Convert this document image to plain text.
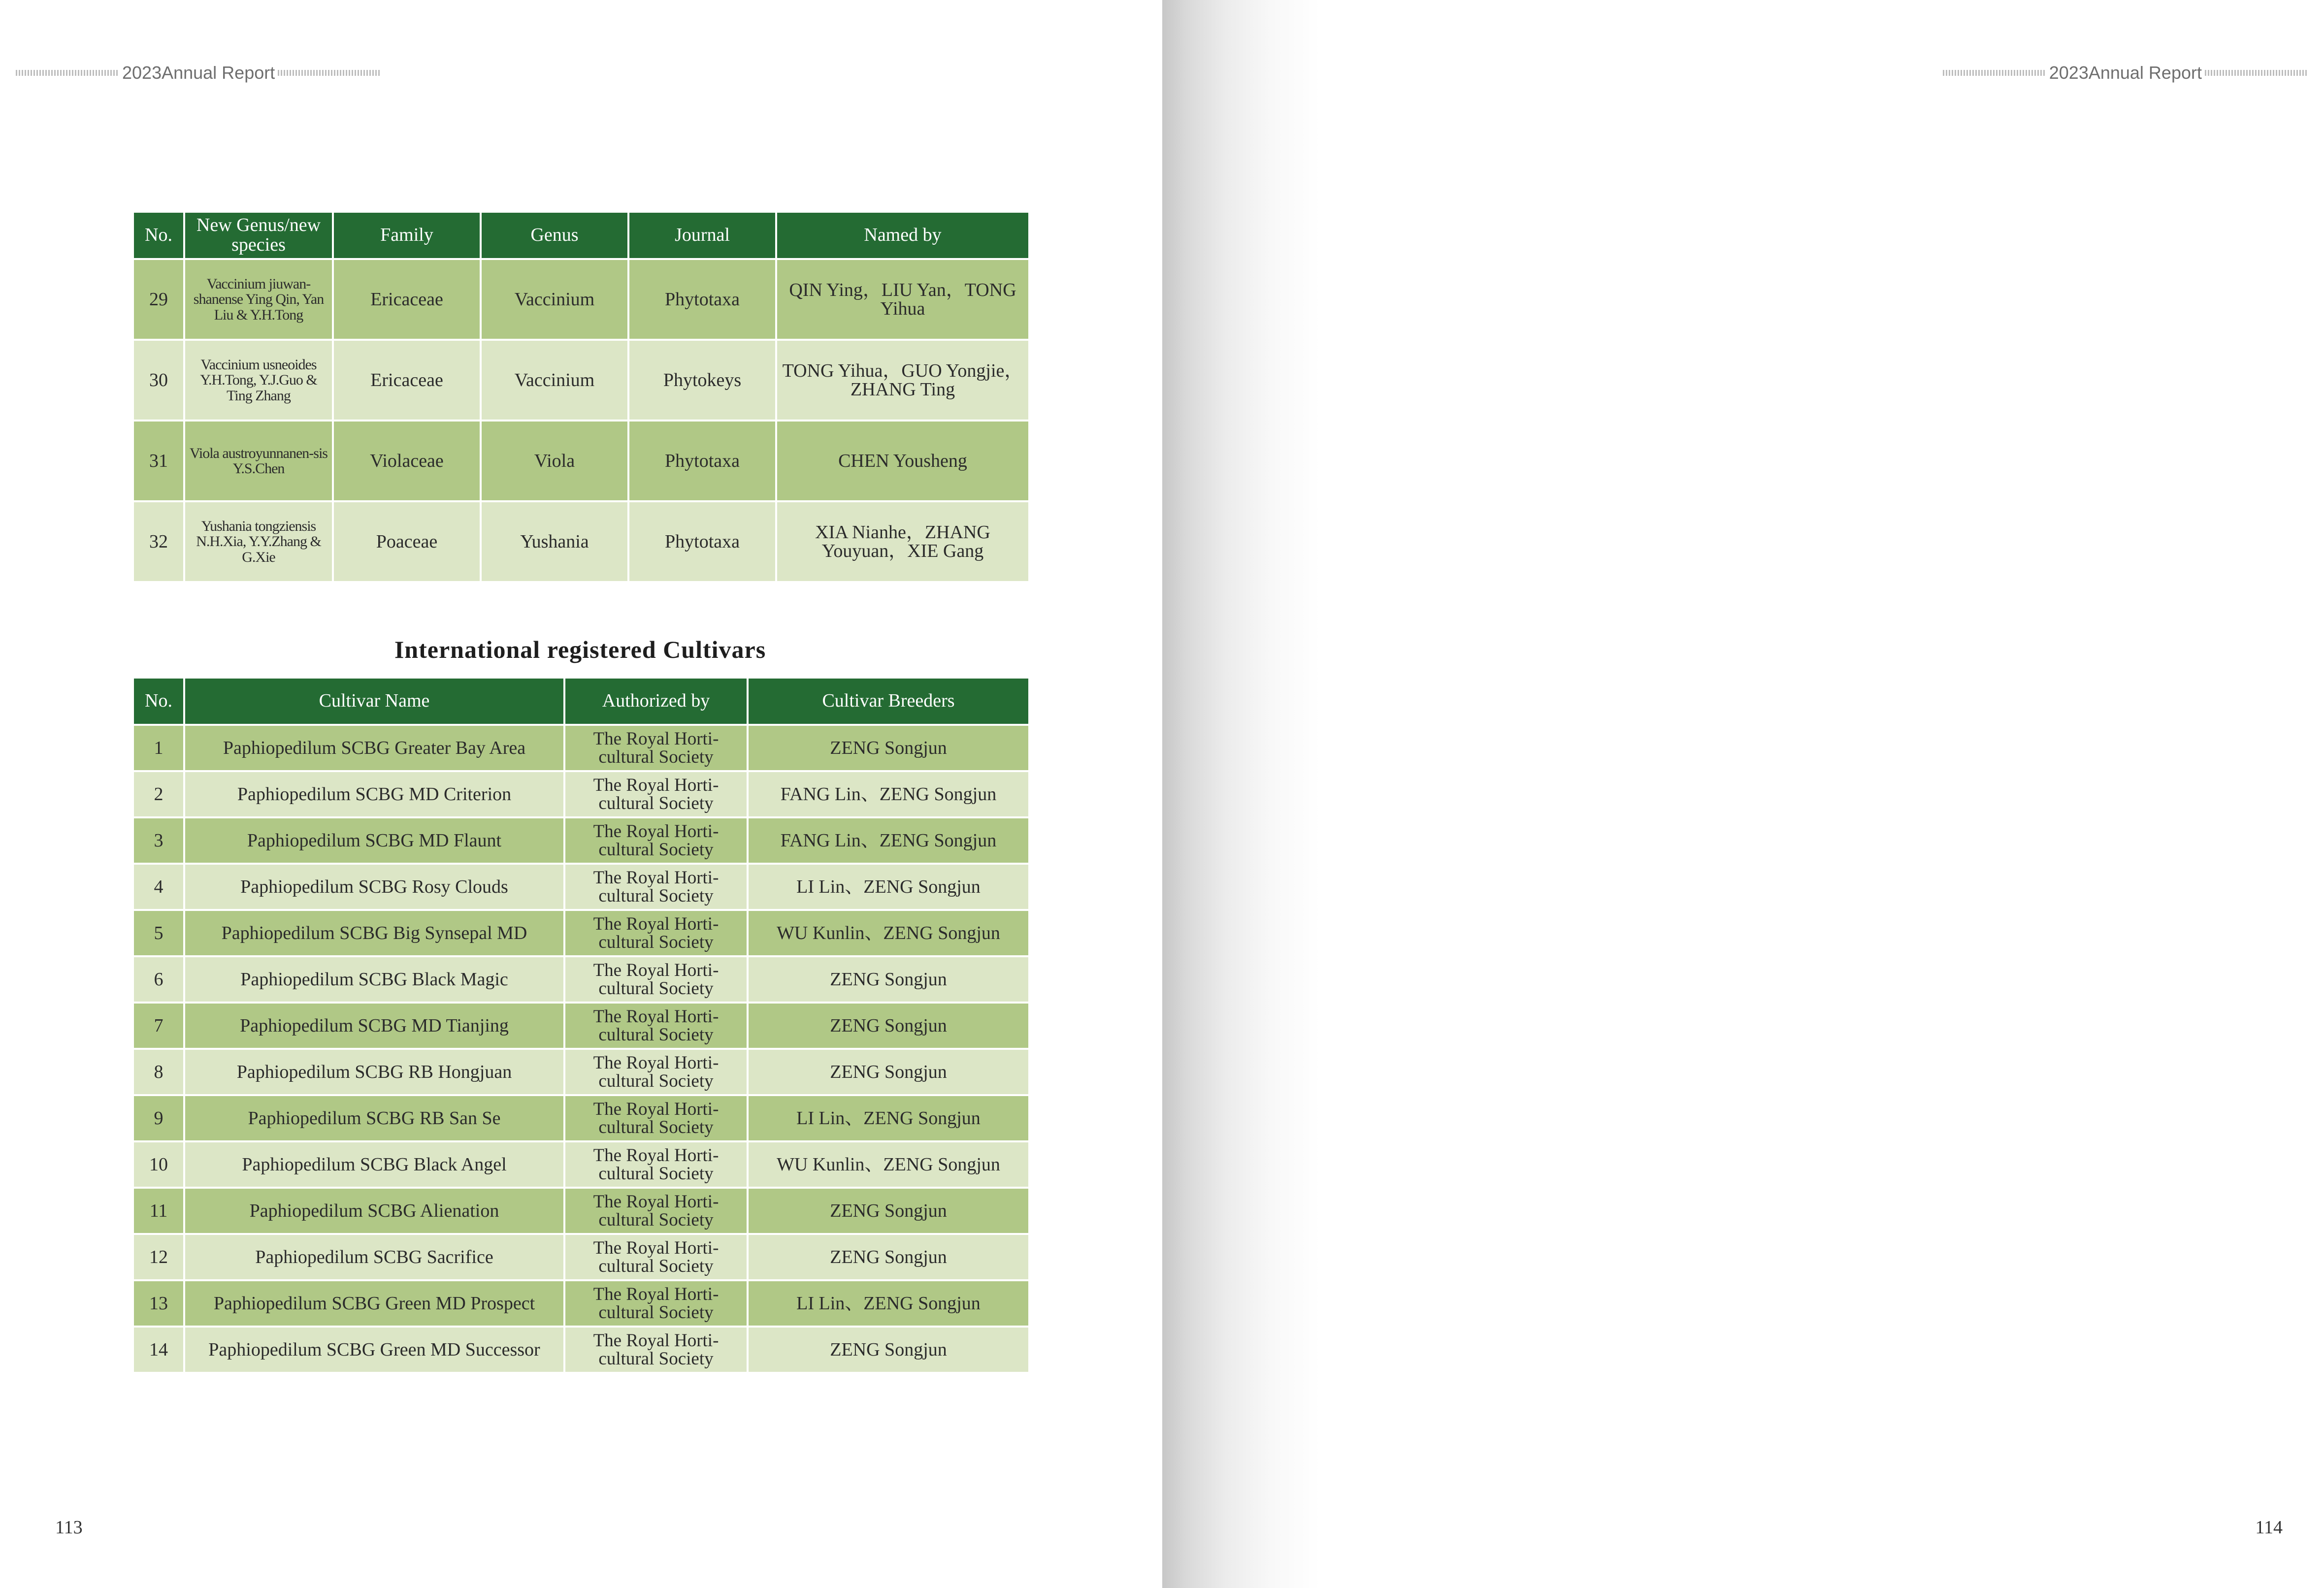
2023Annual Report
No.	New Genus/new species	Family	Genus	Journal	Named by
29	Vaccinium jiuwan-shanense Ying Qin, Yan Liu & Y.H.Tong	Ericaceae	Vaccinium	Phytotaxa	QIN Ying，LIU Yan，TONG Yihua
30	Vaccinium usneoides Y.H.Tong, Y.J.Guo & Ting Zhang	Ericaceae	Vaccinium	Phytokeys	TONG Yihua，GUO Yongjie，ZHANG Ting
31	Viola austroyunnanen-sis Y.S.Chen	Violaceae	Viola	Phytotaxa	CHEN Yousheng
32	Yushania tongziensis N.H.Xia, Y.Y.Zhang & G.Xie	Poaceae	Yushania	Phytotaxa	XIA Nianhe，ZHANG Youyuan，XIE Gang
International registered Cultivars
No.	Cultivar Name	Authorized by	Cultivar Breeders
1	Paphiopedilum SCBG Greater Bay Area	The Royal Horti-cultural Society	ZENG Songjun
2	Paphiopedilum SCBG MD Criterion	The Royal Horti-cultural Society	FANG Lin、ZENG Songjun
3	Paphiopedilum SCBG MD Flaunt	The Royal Horti-cultural Society	FANG Lin、ZENG Songjun
4	Paphiopedilum SCBG Rosy Clouds	The Royal Horti-cultural Society	LI Lin、ZENG Songjun
5	Paphiopedilum SCBG Big Synsepal MD	The Royal Horti-cultural Society	WU Kunlin、ZENG Songjun
6	Paphiopedilum SCBG Black Magic	The Royal Horti-cultural Society	ZENG Songjun
7	Paphiopedilum SCBG MD Tianjing	The Royal Horti-cultural Society	ZENG Songjun
8	Paphiopedilum SCBG RB Hongjuan	The Royal Horti-cultural Society	ZENG Songjun
9	Paphiopedilum SCBG RB San Se	The Royal Horti-cultural Society	LI Lin、ZENG Songjun
10	Paphiopedilum SCBG Black Angel	The Royal Horti-cultural Society	WU Kunlin、ZENG Songjun
11	Paphiopedilum SCBG Alienation	The Royal Horti-cultural Society	ZENG Songjun
12	Paphiopedilum SCBG Sacrifice	The Royal Horti-cultural Society	ZENG Songjun
13	Paphiopedilum SCBG Green MD Prospect	The Royal Horti-cultural Society	LI Lin、ZENG Songjun
14	Paphiopedilum SCBG Green MD Successor	The Royal Horti-cultural Society	ZENG Songjun
113
2023Annual Report

114
